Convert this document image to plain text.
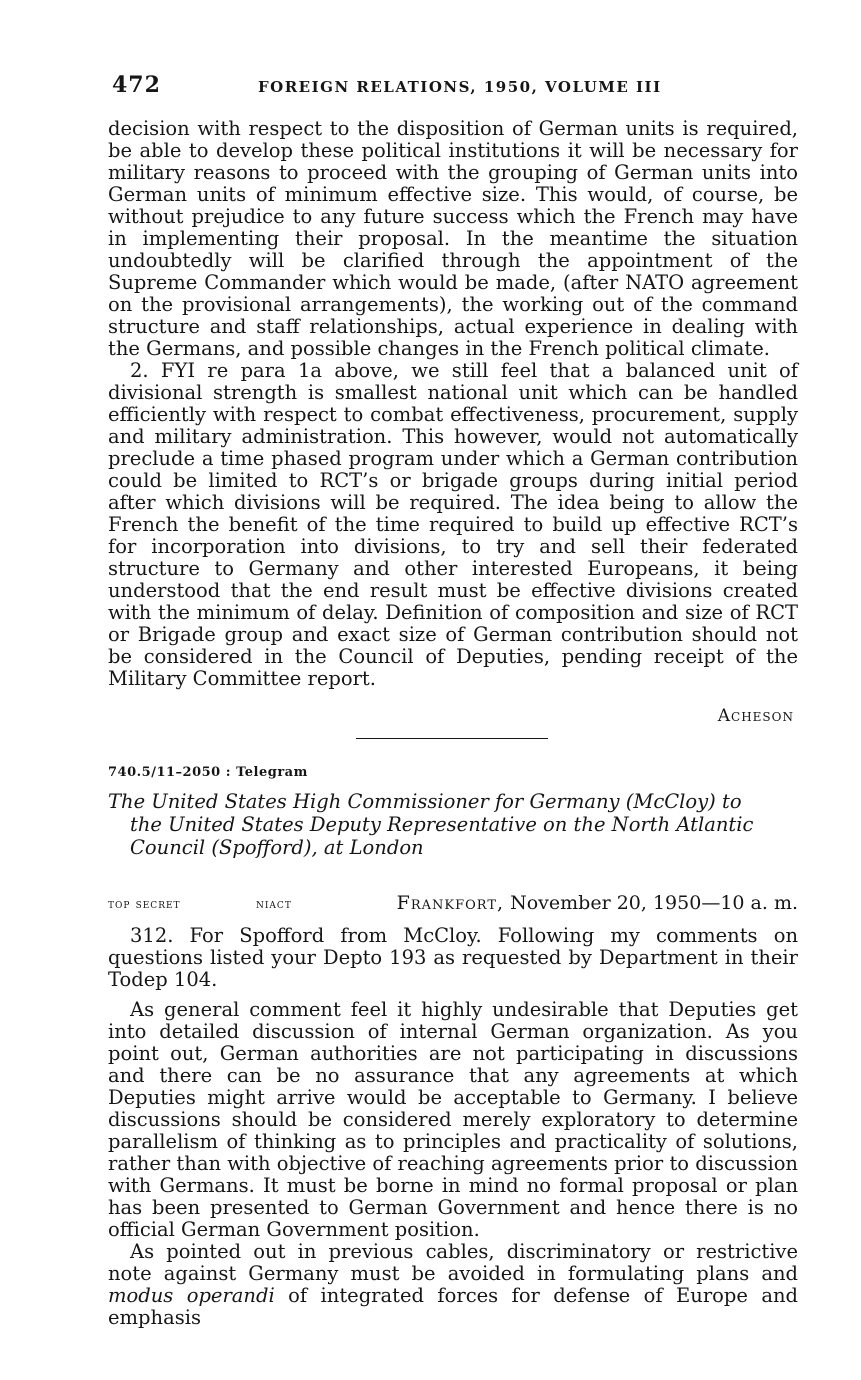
472	FOREIGN RELATIONS, 1950, VOLUME III

decision with respect to the disposition of German units is required, be able to develop these political institutions it will be necessary for military reasons to proceed with the grouping of German units into German units of minimum effective size. This would, of course, be without prejudice to any future success which the French may have in implementing their proposal. In the meantime the situation undoubtedly will be clarified through the appointment of the Supreme Commander which would be made, (after NATO agreement on the provisional arrangements), the working out of the command structure and staff relationships, actual experience in dealing with the Germans, and possible changes in the French political climate.

2. FYI re para 1a above, we still feel that a balanced unit of divisional strength is smallest national unit which can be handled efficiently with respect to combat effectiveness, procurement, supply and military administration. This however, would not automatically preclude a time phased program under which a German contribution could be limited to RCT’s or brigade groups during initial period after which divisions will be required. The idea being to allow the French the benefit of the time required to build up effective RCT’s for incorporation into divisions, to try and sell their federated structure to Germany and other interested Europeans, it being understood that the end result must be effective divisions created with the minimum of delay. Definition of composition and size of RCT or Brigade group and exact size of German contribution should not be considered in the Council of Deputies, pending receipt of the Military Committee report.

Acheson
740.5/11–2050 : Telegram
The United States High Commissioner for Germany (McCloy) to
the United States Deputy Representative on the North Atlantic
Council (Spofford), at London
top secret	niact	Frankfort, November 20, 1950—10 a. m.

312. For Spofford from McCloy. Following my comments on questions listed your Depto 193 as requested by Department in their Todep 104.

As general comment feel it highly undesirable that Deputies get into detailed discussion of internal German organization. As you point out, German authorities are not participating in discussions and there can be no assurance that any agreements at which Deputies might arrive would be acceptable to Germany. I believe discussions should be considered merely exploratory to determine parallelism of thinking as to principles and practicality of solutions, rather than with objective of reaching agreements prior to discussion with Germans. It must be borne in mind no formal proposal or plan has been presented to German Government and hence there is no official German Government position.

As pointed out in previous cables, discriminatory or restrictive note against Germany must be avoided in formulating plans and modus operandi of integrated forces for defense of Europe and emphasis
